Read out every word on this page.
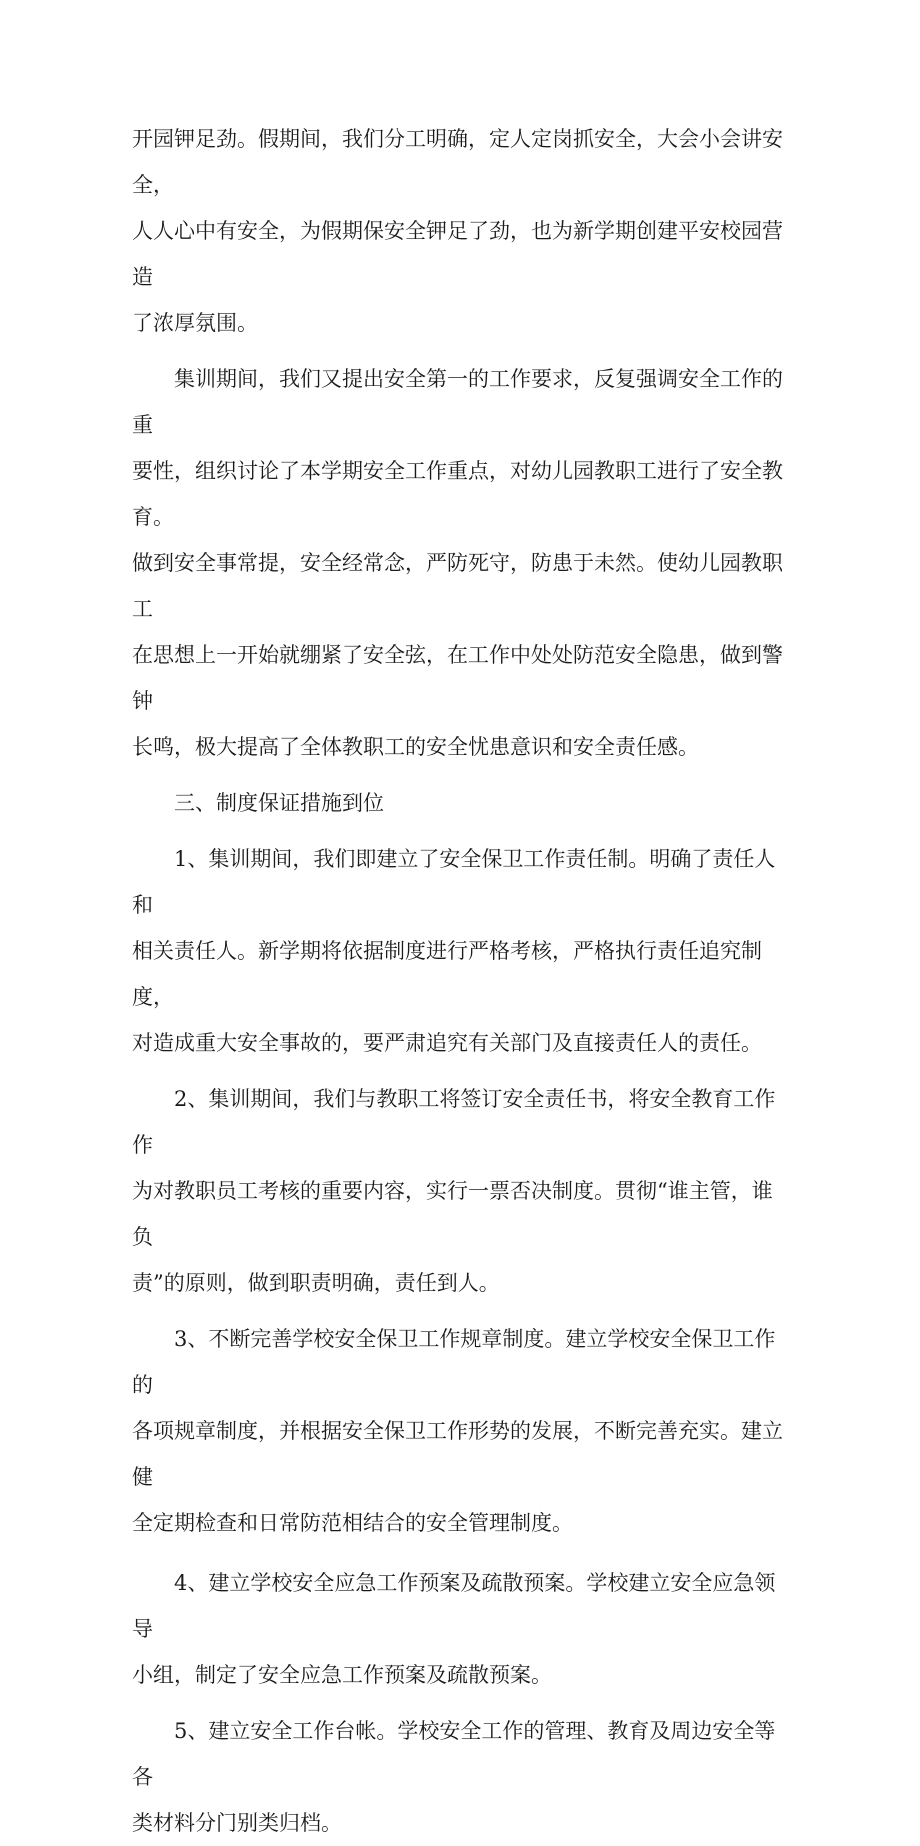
开园钾足劲。假期间，我们分工明确，定人定岗抓安全，大会小会讲安全，
人人心中有安全，为假期保安全钾足了劲，也为新学期创建平安校园营造
了浓厚氛围。

集训期间，我们又提出安全第一的工作要求，反复强调安全工作的重
要性，组织讨论了本学期安全工作重点，对幼儿园教职工进行了安全教育。
做到安全事常提，安全经常念，严防死守，防患于未然。使幼儿园教职工
在思想上一开始就绷紧了安全弦，在工作中处处防范安全隐患，做到警钟
长鸣，极大提高了全体教职工的安全忧患意识和安全责任感。

三、制度保证措施到位

1、集训期间，我们即建立了安全保卫工作责任制。明确了责任人和
相关责任人。新学期将依据制度进行严格考核，严格执行责任追究制度，
对造成重大安全事故的，要严肃追究有关部门及直接责任人的责任。

2、集训期间，我们与教职工将签订安全责任书，将安全教育工作作
为对教职员工考核的重要内容，实行一票否决制度。贯彻“谁主管，谁负
责”的原则，做到职责明确，责任到人。

3、不断完善学校安全保卫工作规章制度。建立学校安全保卫工作的
各项规章制度，并根据安全保卫工作形势的发展，不断完善充实。建立健
全定期检查和日常防范相结合的安全管理制度。

4、建立学校安全应急工作预案及疏散预案。学校建立安全应急领导
小组，制定了安全应急工作预案及疏散预案。

5、建立安全工作台帐。学校安全工作的管理、教育及周边安全等各
类材料分门别类归档。
